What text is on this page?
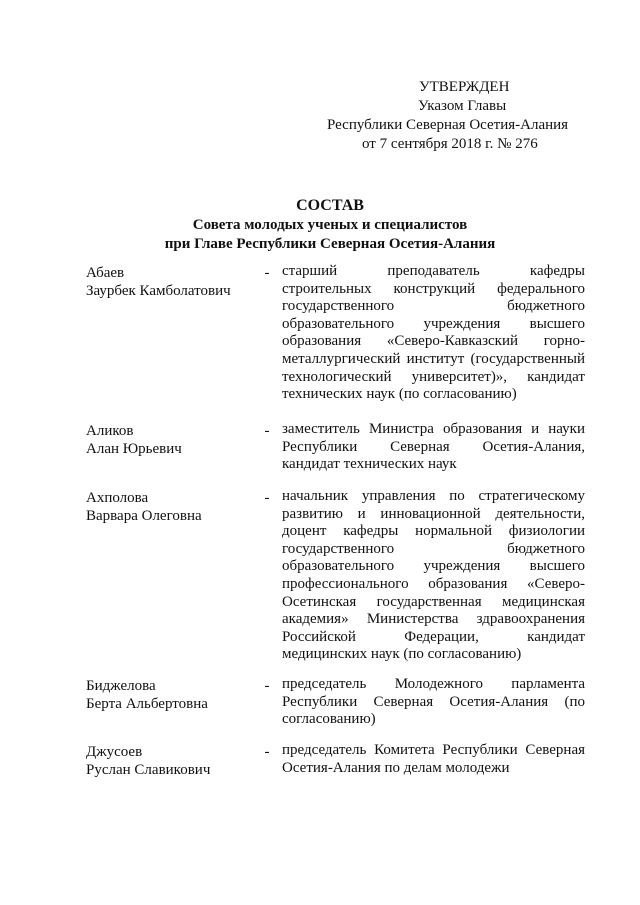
УТВЕРЖДЕН
Указом Главы
Республики Северная Осетия-Алания
от 7 сентября 2018 г. № 276
СОСТАВ
Совета молодых ученых и специалистов
при Главе Республики Северная Осетия-Алания
Абаев
Заурбек Камболатович
- старший преподаватель кафедры
строительных конструкций федерального
государственного бюджетного
образовательного учреждения высшего
образования «Северо-Кавказский горно-
металлургический институт (государственный
технологический университет)», кандидат
технических наук (по согласованию)
Аликов
Алан Юрьевич
- заместитель Министра образования и науки
Республики Северная Осетия-Алания,
кандидат технических наук
Ахполова
Варвара Олеговна
- начальник управления по стратегическому
развитию и инновационной деятельности,
доцент кафедры нормальной физиологии
государственного бюджетного
образовательного учреждения высшего
профессионального образования «Северо-
Осетинская государственная медицинская
академия» Министерства здравоохранения
Российской Федерации, кандидат
медицинских наук (по согласованию)
Биджелова
Берта Альбертовна
- председатель Молодежного парламента
Республики Северная Осетия-Алания (по
согласованию)
Джусоев
Руслан Славикович
- председатель Комитета Республики Северная
Осетия-Алания по делам молодежи
